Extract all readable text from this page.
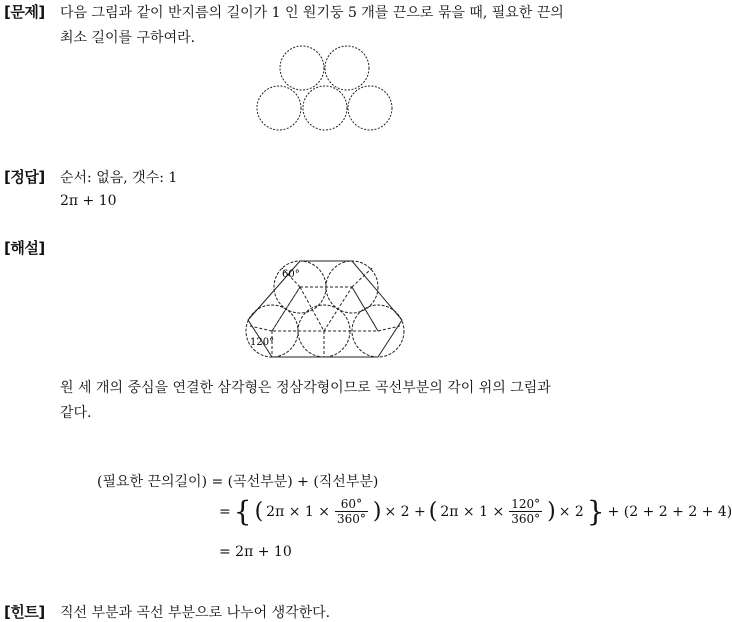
[문제] 다음 그림과 같이 반지름의 길이가 1 인 원기둥 5 개를 끈으로 묶을 때, 필요한 끈의
최소 길이를 구하여라.
[정답] 순서: 없음, 갯수: 1
2π + 10
[해설]
60°
120°
원 세 개의 중심을 연결한 삼각형은 정삼각형이므로 곡선부분의 각이 위의 그림과
같다.
(필요한 끈의길이) = (곡선부분) + (직선부분)
= { ( $2\pi \times 1 \times \frac{60^\circ}{360^\circ}$ ) × 2 + ( $2\pi \times 1 \times \frac{120^\circ}{360^\circ}$ ) × 2 } + (2 + 2 + 2 + 4)
= 2π + 10
[힌트] 직선 부분과 곡선 부분으로 나누어 생각한다.
